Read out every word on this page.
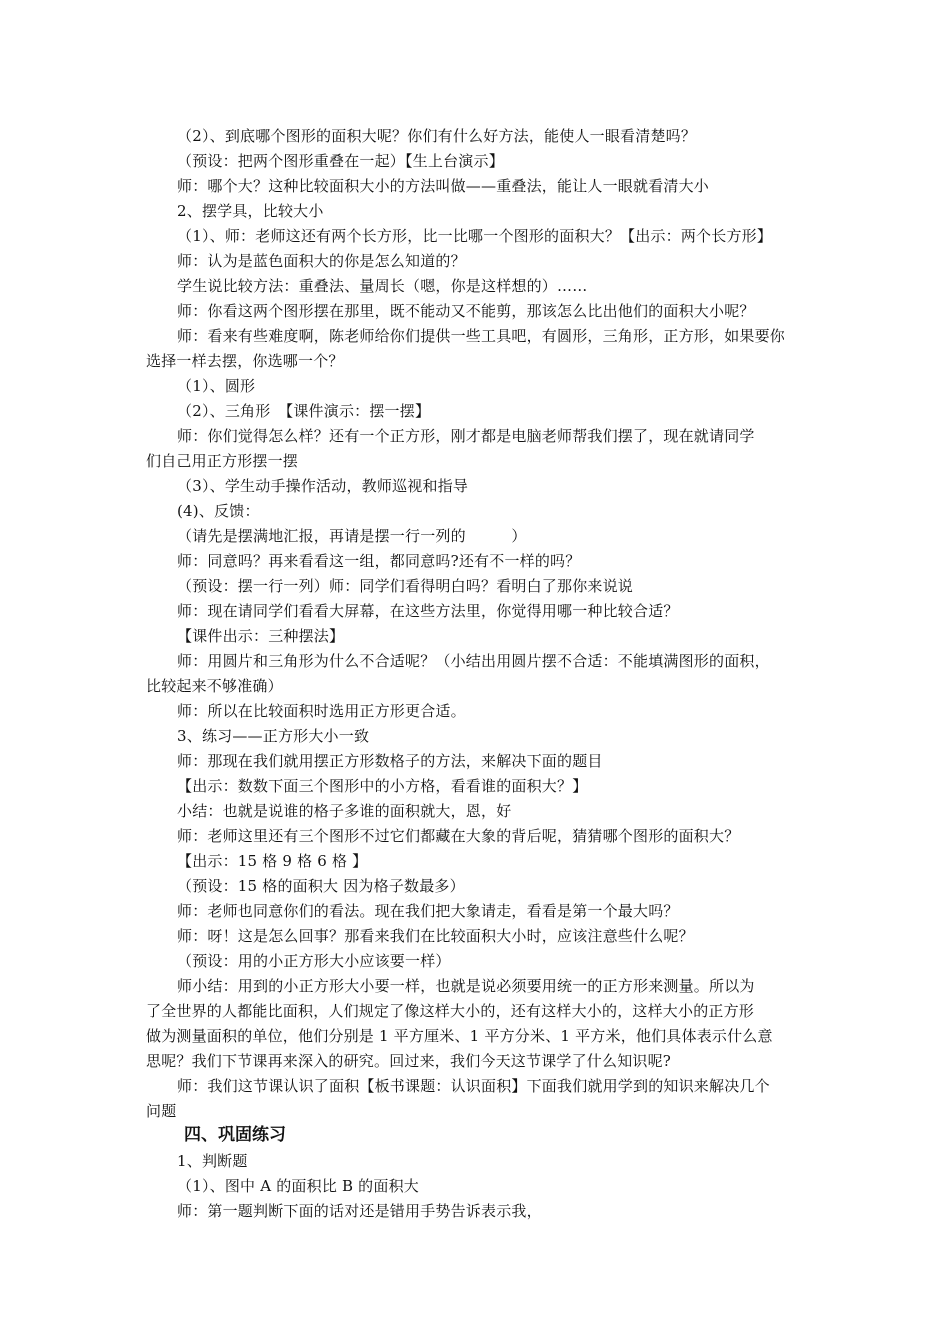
（2）、到底哪个图形的面积大呢？你们有什么好方法，能使人一眼看清楚吗？
（预设：把两个图形重叠在一起）【生上台演示】
师：哪个大？这种比较面积大小的方法叫做——重叠法，能让人一眼就看清大小
2、摆学具，比较大小
（1）、师：老师这还有两个长方形，比一比哪一个图形的面积大？【出示：两个长方形】
师：认为是蓝色面积大的你是怎么知道的？
学生说比较方法：重叠法、量周长（嗯，你是这样想的）……
师：你看这两个图形摆在那里，既不能动又不能剪，那该怎么比出他们的面积大小呢？
师：看来有些难度啊，陈老师给你们提供一些工具吧，有圆形，三角形，正方形，如果要你
选择一样去摆，你选哪一个？
（1）、圆形
（2）、三角形　【课件演示：摆一摆】
师：你们觉得怎么样？还有一个正方形，刚才都是电脑老师帮我们摆了，现在就请同学
们自己用正方形摆一摆
（3）、学生动手操作活动，教师巡视和指导
(4)、反馈：
（请先是摆满地汇报，再请是摆一行一列的　　　）
师：同意吗？再来看看这一组，都同意吗?还有不一样的吗？
（预设：摆一行一列）师：同学们看得明白吗？看明白了那你来说说
师：现在请同学们看看大屏幕，在这些方法里，你觉得用哪一种比较合适？
【课件出示：三种摆法】
师：用圆片和三角形为什么不合适呢？（小结出用圆片摆不合适：不能填满图形的面积，
比较起来不够准确）
师：所以在比较面积时选用正方形更合适。
3、练习——正方形大小一致
师：那现在我们就用摆正方形数格子的方法，来解决下面的题目
【出示：数数下面三个图形中的小方格，看看谁的面积大？】
小结：也就是说谁的格子多谁的面积就大，恩，好
师：老师这里还有三个图形不过它们都藏在大象的背后呢，猜猜哪个图形的面积大？
【出示：15 格 9 格 6 格 】
（预设：15 格的面积大 因为格子数最多）
师：老师也同意你们的看法。现在我们把大象请走，看看是第一个最大吗？
师：呀！这是怎么回事？那看来我们在比较面积大小时，应该注意些什么呢？
（预设：用的小正方形大小应该要一样）
师小结：用到的小正方形大小要一样，也就是说必须要用统一的正方形来测量。所以为
了全世界的人都能比面积，人们规定了像这样大小的，还有这样大小的，这样大小的正方形
做为测量面积的单位，他们分别是 1 平方厘米、1 平方分米、1 平方米，他们具体表示什么意
思呢？我们下节课再来深入的研究。回过来，我们今天这节课学了什么知识呢?
师：我们这节课认识了面积【板书课题：认识面积】下面我们就用学到的知识来解决几个
问题
四、巩固练习
1、判断题
（1）、图中 A 的面积比 B 的面积大
师：第一题判断下面的话对还是错用手势告诉表示我，
